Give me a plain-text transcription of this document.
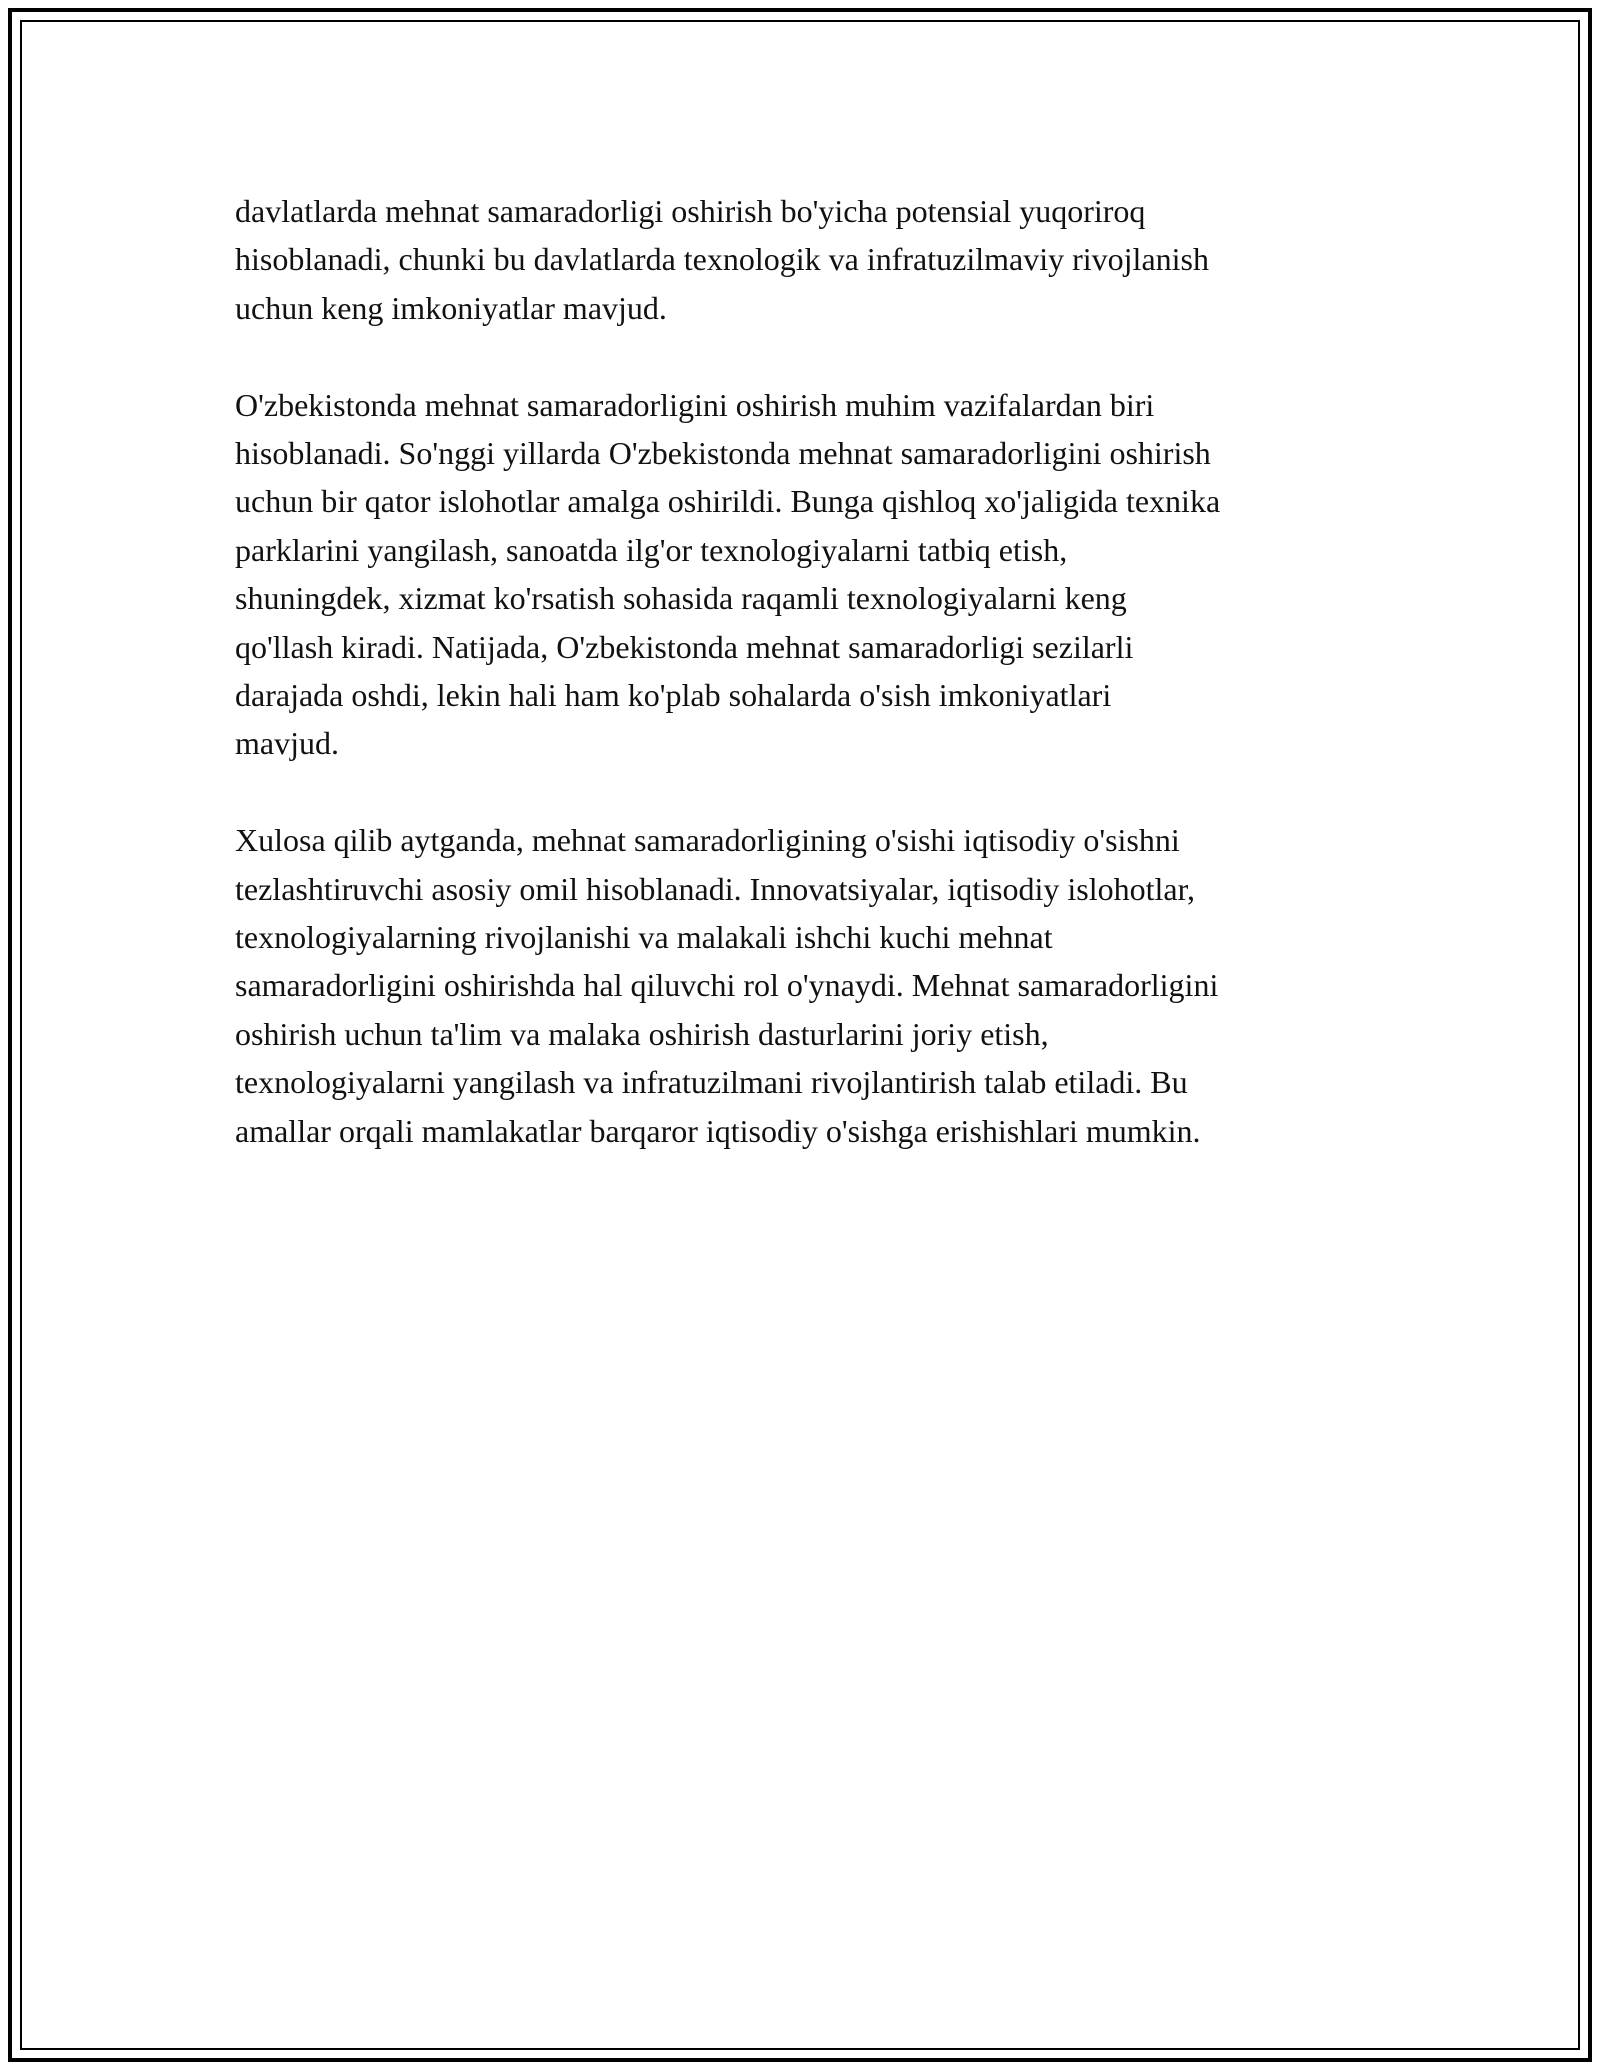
davlatlarda mehnat samaradorligi oshirish bo'yicha potensial yuqoriroq
hisoblanadi, chunki bu davlatlarda texnologik va infratuzilmaviy rivojlanish
uchun keng imkoniyatlar mavjud.

O'zbekistonda mehnat samaradorligini oshirish muhim vazifalardan biri
hisoblanadi. So'nggi yillarda O'zbekistonda mehnat samaradorligini oshirish
uchun bir qator islohotlar amalga oshirildi. Bunga qishloq xo'jaligida texnika
parklarini yangilash, sanoatda ilg'or texnologiyalarni tatbiq etish,
shuningdek, xizmat ko'rsatish sohasida raqamli texnologiyalarni keng
qo'llash kiradi. Natijada, O'zbekistonda mehnat samaradorligi sezilarli
darajada oshdi, lekin hali ham ko'plab sohalarda o'sish imkoniyatlari
mavjud.

Xulosa qilib aytganda, mehnat samaradorligining o'sishi iqtisodiy o'sishni
tezlashtiruvchi asosiy omil hisoblanadi. Innovatsiyalar, iqtisodiy islohotlar,
texnologiyalarning rivojlanishi va malakali ishchi kuchi mehnat
samaradorligini oshirishda hal qiluvchi rol o'ynaydi. Mehnat samaradorligini
oshirish uchun ta'lim va malaka oshirish dasturlarini joriy etish,
texnologiyalarni yangilash va infratuzilmani rivojlantirish talab etiladi. Bu
amallar orqali mamlakatlar barqaror iqtisodiy o'sishga erishishlari mumkin.
